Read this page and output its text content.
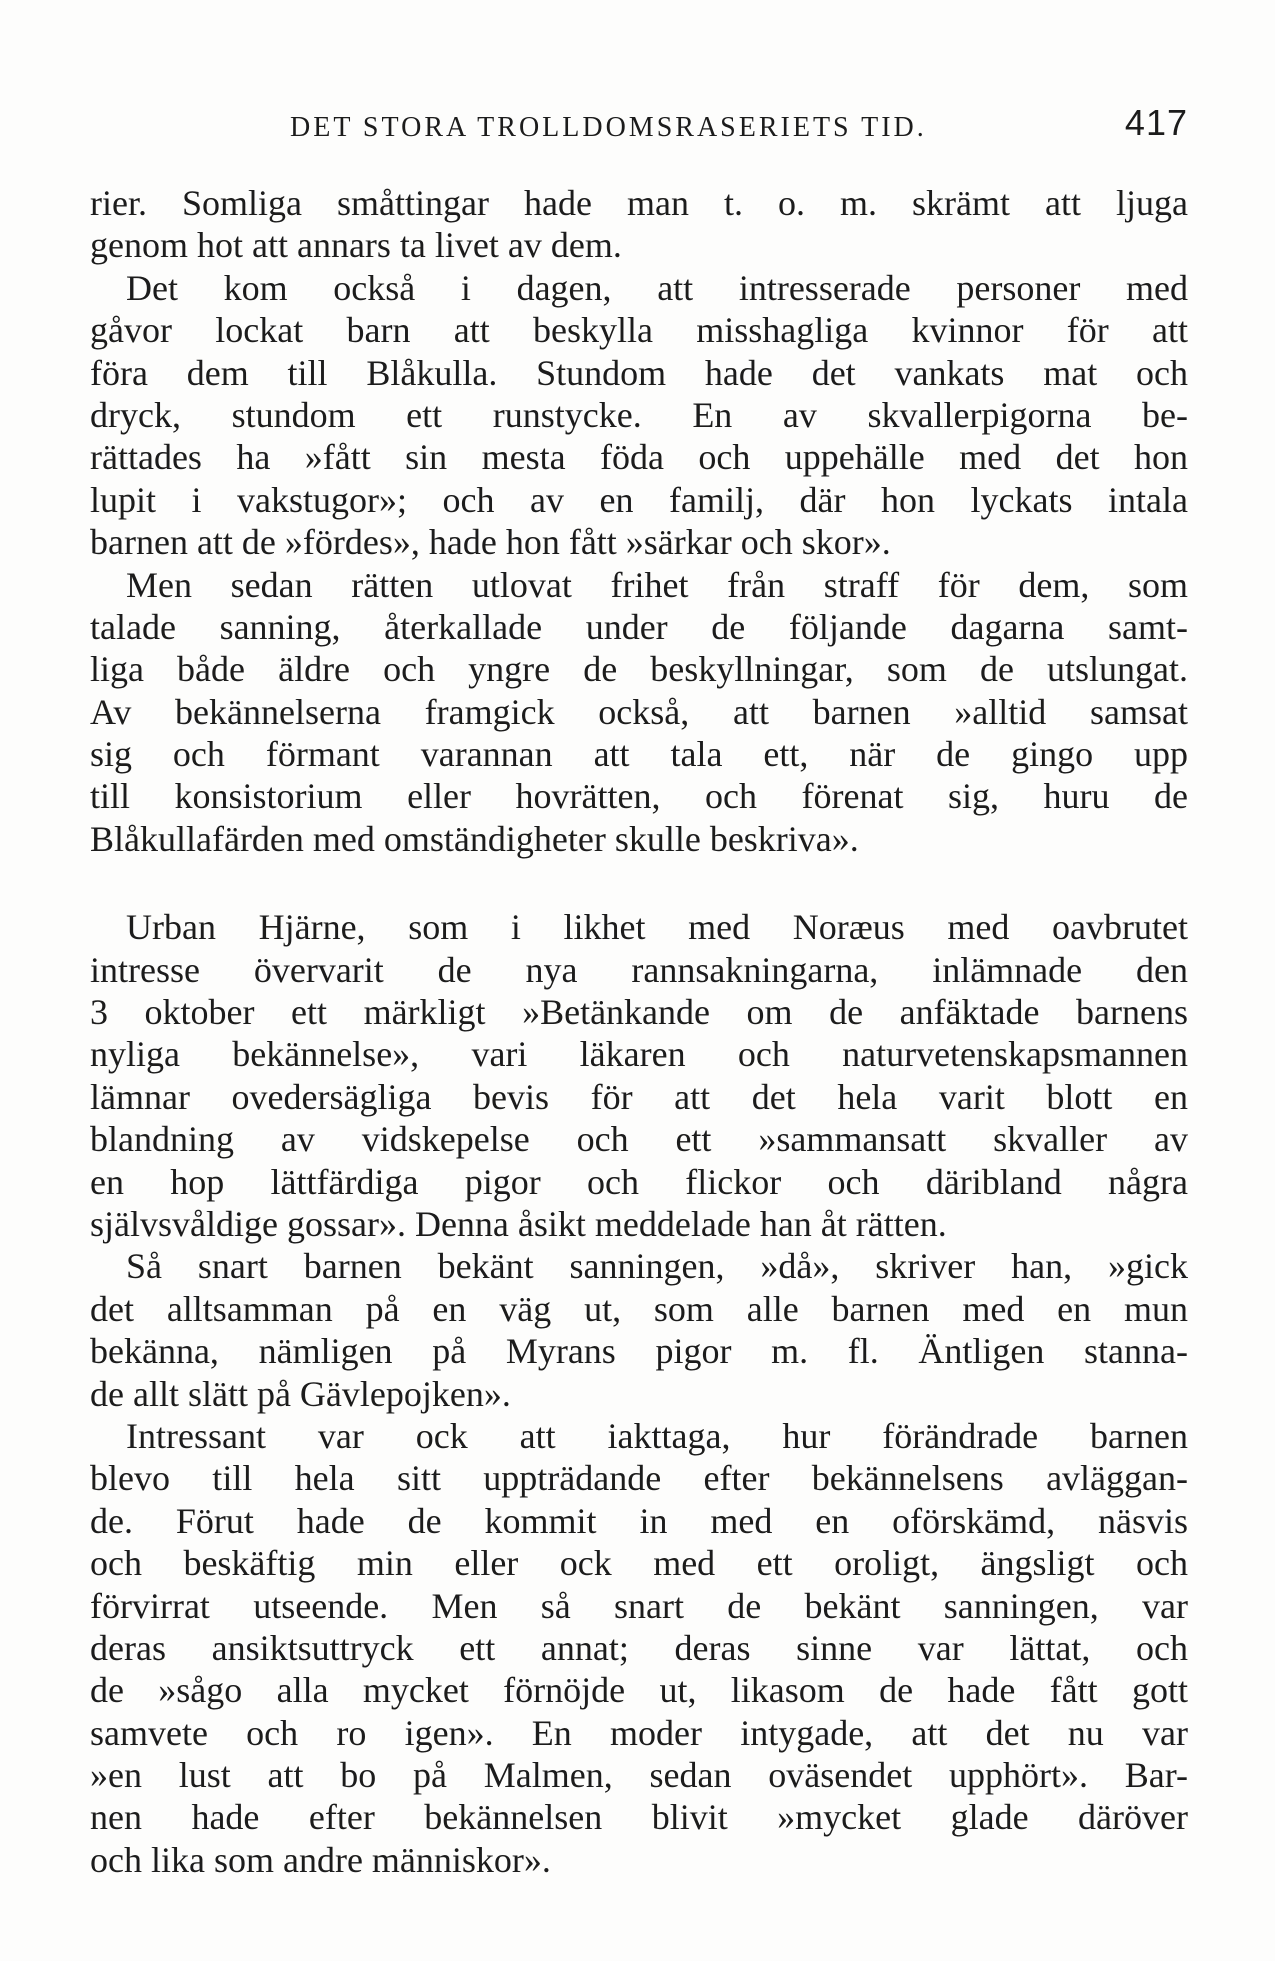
DET STORA TROLLDOMSRASERIETS TID.	417
rier. Somliga småttingar hade man t. o. m. skrämt att ljuga
genom hot att annars ta livet av dem.
Det kom också i dagen, att intresserade personer med
gåvor lockat barn att beskylla misshagliga kvinnor för att
föra dem till Blåkulla. Stundom hade det vankats mat och
dryck, stundom ett runstycke. En av skvallerpigorna be-
rättades ha »fått sin mesta föda och uppehälle med det hon
lupit i vakstugor»; och av en familj, där hon lyckats intala
barnen att de »fördes», hade hon fått »särkar och skor».
Men sedan rätten utlovat frihet från straff för dem, som
talade sanning, återkallade under de följande dagarna samt-
liga både äldre och yngre de beskyllningar, som de utslungat.
Av bekännelserna framgick också, att barnen »alltid samsat
sig och förmant varannan att tala ett, när de gingo upp
till konsistorium eller hovrätten, och förenat sig, huru de
Blåkullafärden med omständigheter skulle beskriva».
Urban Hjärne, som i likhet med Noræus med oavbrutet
intresse övervarit de nya rannsakningarna, inlämnade den
3 oktober ett märkligt »Betänkande om de anfäktade barnens
nyliga bekännelse», vari läkaren och naturvetenskapsmannen
lämnar ovedersägliga bevis för att det hela varit blott en
blandning av vidskepelse och ett »sammansatt skvaller av
en hop lättfärdiga pigor och flickor och däribland några
självsvåldige gossar». Denna åsikt meddelade han åt rätten.
Så snart barnen bekänt sanningen, »då», skriver han, »gick
det alltsamman på en väg ut, som alle barnen med en mun
bekänna, nämligen på Myrans pigor m. fl. Äntligen stanna-
de allt slätt på Gävlepojken».
Intressant var ock att iakttaga, hur förändrade barnen
blevo till hela sitt uppträdande efter bekännelsens avläggan-
de. Förut hade de kommit in med en oförskämd, näsvis
och beskäftig min eller ock med ett oroligt, ängsligt och
förvirrat utseende. Men så snart de bekänt sanningen, var
deras ansiktsuttryck ett annat; deras sinne var lättat, och
de »sågo alla mycket förnöjde ut, likasom de hade fått gott
samvete och ro igen». En moder intygade, att det nu var
»en lust att bo på Malmen, sedan oväsendet upphört». Bar-
nen hade efter bekännelsen blivit »mycket glade däröver
och lika som andre människor».
